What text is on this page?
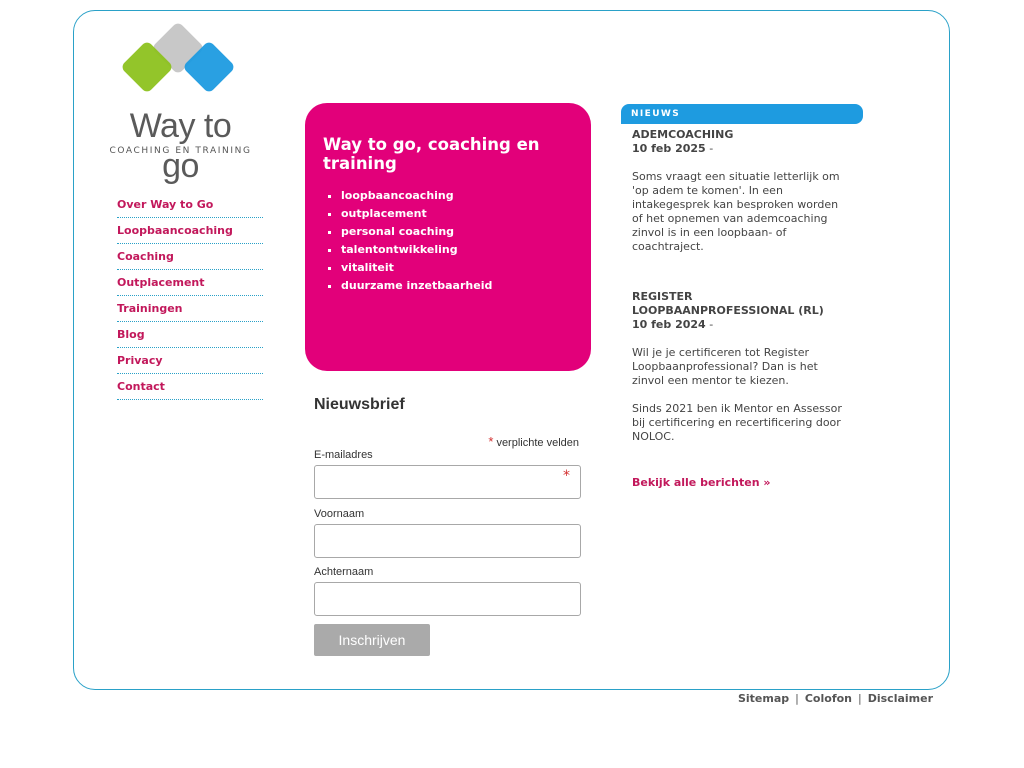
Way to go
COACHING EN TRAINING
Over Way to Go
Loopbaancoaching
Coaching
Outplacement
Trainingen
Blog
Privacy
Contact
Way to go, coaching en training
▪ loopbaancoaching
▪ outplacement
▪ personal coaching
▪ talentontwikkeling
▪ vitaliteit
▪ duurzame inzetbaarheid
Nieuwsbrief
* verplichte velden
E-mailadres
*
Voornaam
Achternaam
Inschrijven
NIEUWS
ADEMCOACHING
10 feb 2025 -

Soms vraagt een situatie letterlijk om 'op adem te komen'. In een intakegesprek kan besproken worden of het opnemen van ademcoaching zinvol is in een loopbaan- of coachtraject.

REGISTER LOOPBAANPROFESSIONAL (RL)
10 feb 2024 -

Wil je je certificeren tot Register Loopbaanprofessional? Dan is het zinvol een mentor te kiezen.

Sinds 2021 ben ik Mentor en Assessor bij certificering en recertificering door NOLOC.

Bekijk alle berichten »
Sitemap | Colofon | Disclaimer
